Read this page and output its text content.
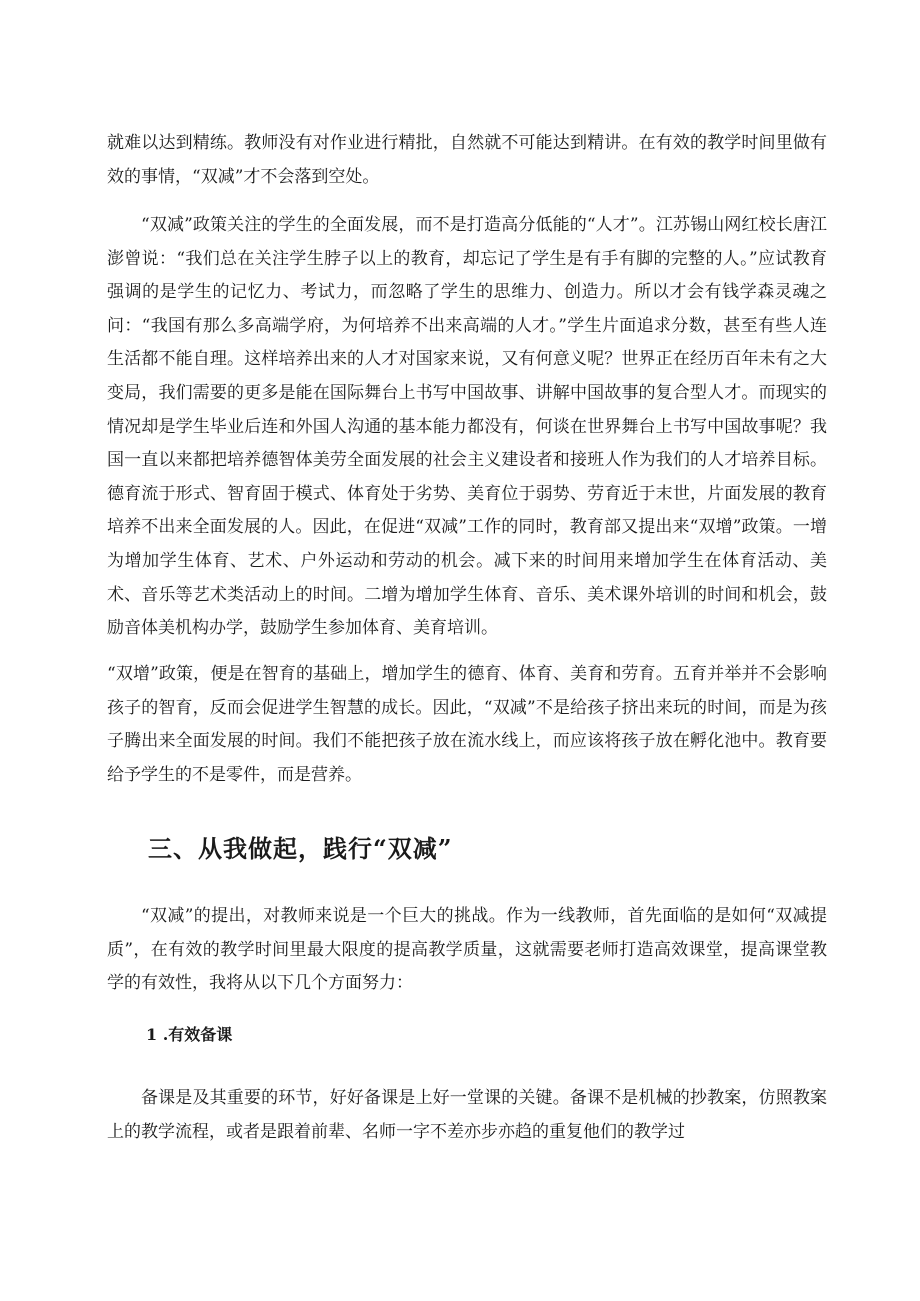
就难以达到精练。教师没有对作业进行精批，自然就不可能达到精讲。在有效的教学时间里做有效的事情，“双减”才不会落到空处。

“双减”政策关注的学生的全面发展，而不是打造高分低能的“人才”。江苏锡山网红校长唐江澎曾说：“我们总在关注学生脖子以上的教育，却忘记了学生是有手有脚的完整的人。”应试教育强调的是学生的记忆力、考试力，而忽略了学生的思维力、创造力。所以才会有钱学森灵魂之问：“我国有那么多高端学府，为何培养不出来高端的人才。”学生片面追求分数，甚至有些人连生活都不能自理。这样培养出来的人才对国家来说，又有何意义呢？世界正在经历百年未有之大变局，我们需要的更多是能在国际舞台上书写中国故事、讲解中国故事的复合型人才。而现实的情况却是学生毕业后连和外国人沟通的基本能力都没有，何谈在世界舞台上书写中国故事呢？我国一直以来都把培养德智体美劳全面发展的社会主义建设者和接班人作为我们的人才培养目标。德育流于形式、智育固于模式、体育处于劣势、美育位于弱势、劳育近于末世，片面发展的教育培养不出来全面发展的人。因此，在促进“双减”工作的同时，教育部又提出来“双增”政策。一增为增加学生体育、艺术、户外运动和劳动的机会。减下来的时间用来增加学生在体育活动、美术、音乐等艺术类活动上的时间。二增为增加学生体育、音乐、美术课外培训的时间和机会，鼓励音体美机构办学，鼓励学生参加体育、美育培训。

“双增”政策，便是在智育的基础上，增加学生的德育、体育、美育和劳育。五育并举并不会影响孩子的智育，反而会促进学生智慧的成长。因此，“双减”不是给孩子挤出来玩的时间，而是为孩子腾出来全面发展的时间。我们不能把孩子放在流水线上，而应该将孩子放在孵化池中。教育要给予学生的不是零件，而是营养。

三、从我做起，践行“双减”

“双减”的提出，对教师来说是一个巨大的挑战。作为一线教师，首先面临的是如何“双减提质”，在有效的教学时间里最大限度的提高教学质量，这就需要老师打造高效课堂，提高课堂教学的有效性，我将从以下几个方面努力：

1 .有效备课

备课是及其重要的环节，好好备课是上好一堂课的关键。备课不是机械的抄教案，仿照教案上的教学流程，或者是跟着前辈、名师一字不差亦步亦趋的重复他们的教学过
